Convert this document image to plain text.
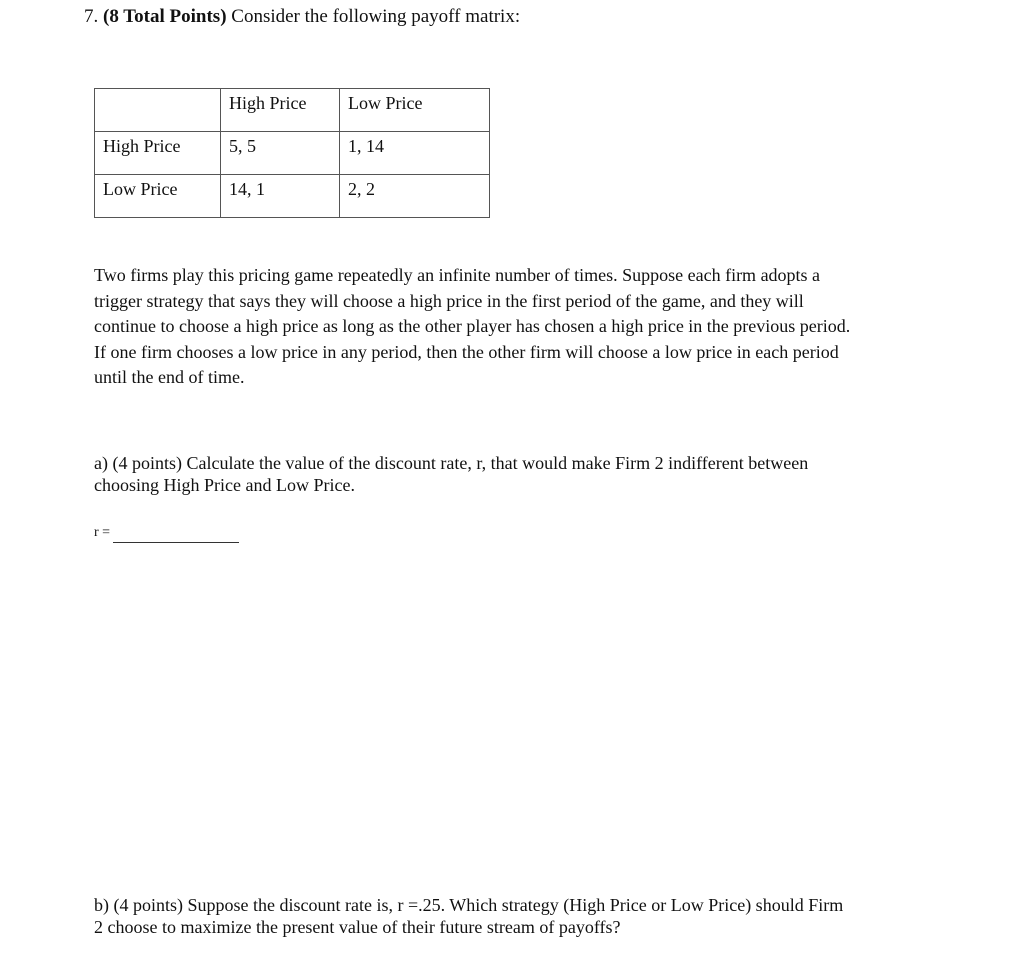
7. (8 Total Points) Consider the following payoff matrix:
	High Price	Low Price
High Price	5, 5	1, 14
Low Price	14, 1	2, 2
Two firms play this pricing game repeatedly an infinite number of times. Suppose each firm adopts a
trigger strategy that says they will choose a high price in the first period of the game, and they will
continue to choose a high price as long as the other player has chosen a high price in the previous period.
If one firm chooses a low price in any period, then the other firm will choose a low price in each period
until the end of time.
a) (4 points) Calculate the value of the discount rate, r, that would make Firm 2 indifferent between
choosing High Price and Low Price.
r =
b) (4 points) Suppose the discount rate is, r =.25. Which strategy (High Price or Low Price) should Firm
2 choose to maximize the present value of their future stream of payoffs?
